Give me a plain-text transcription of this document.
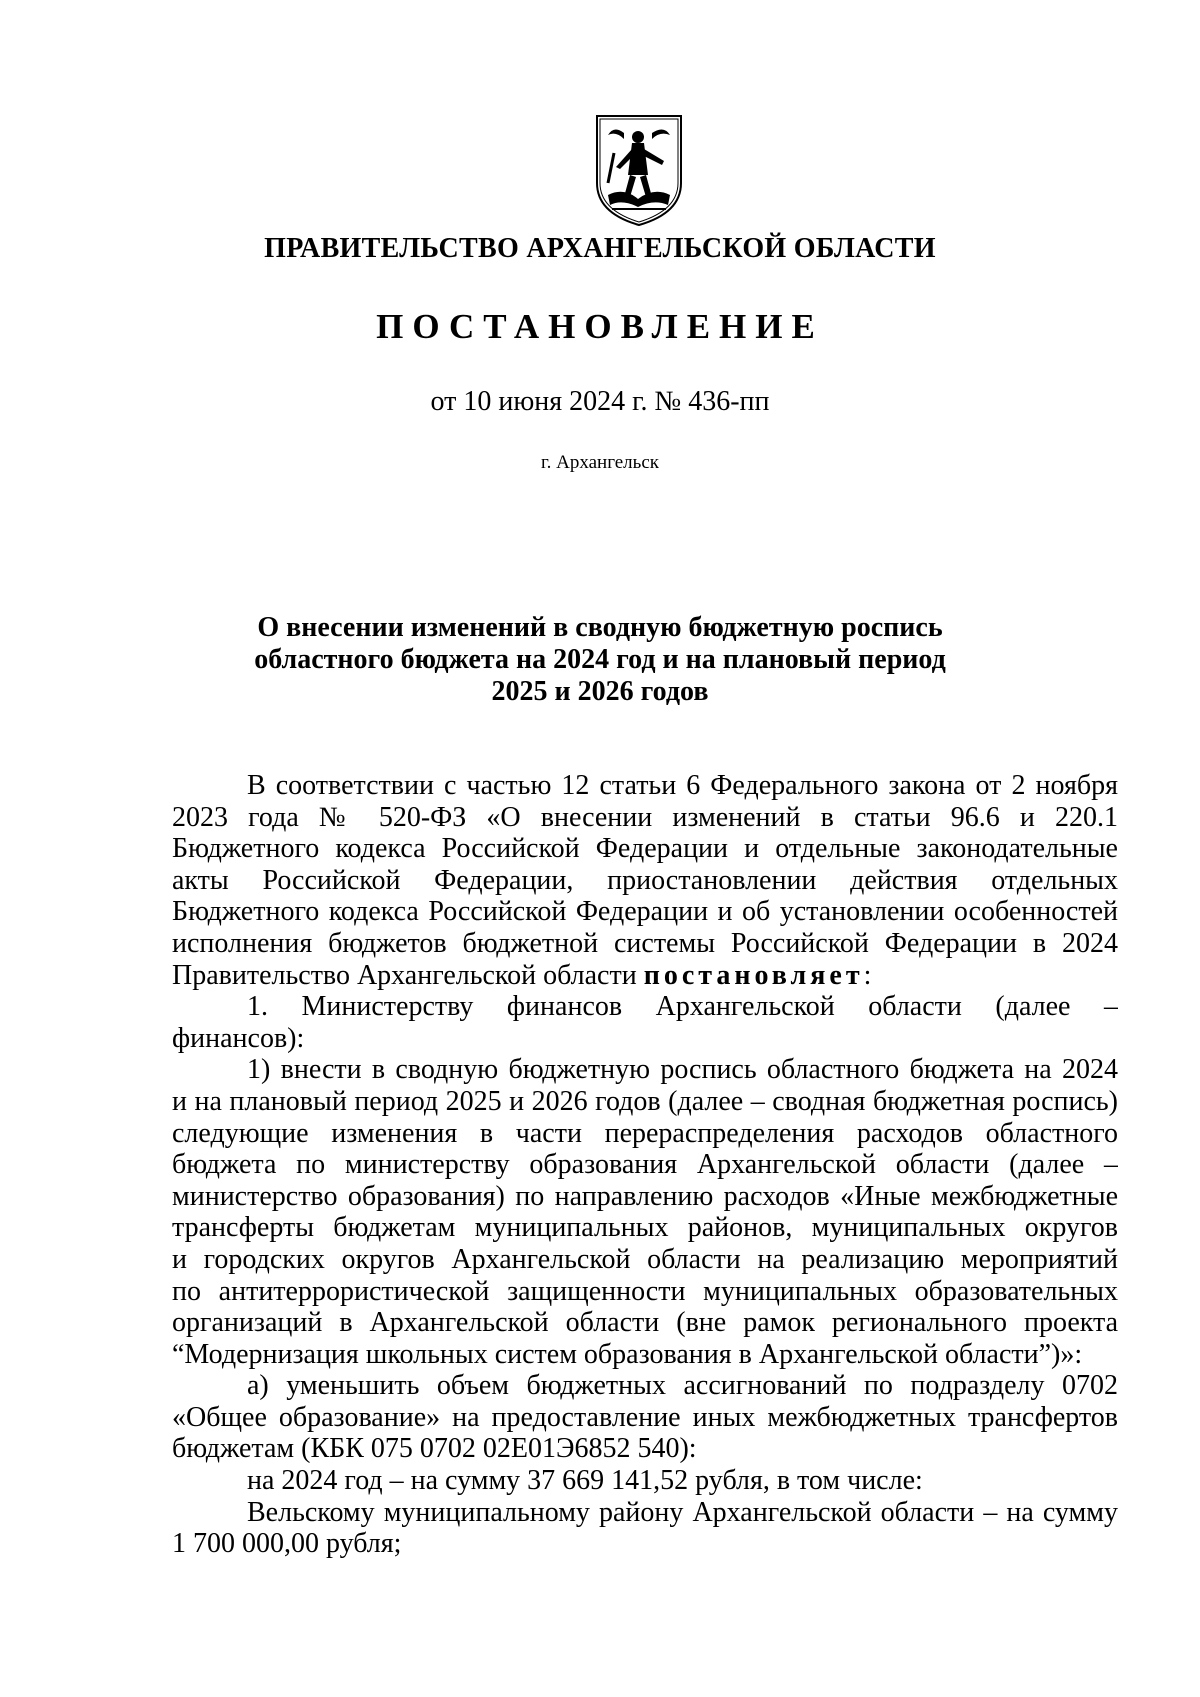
ПРАВИТЕЛЬСТВО АРХАНГЕЛЬСКОЙ ОБЛАСТИ
ПОСТАНОВЛЕНИЕ
от 10 июня 2024 г. № 436-пп
г. Архангельск
О внесении изменений в сводную бюджетную роспись
областного бюджета на 2024 год и на плановый период
2025 и 2026 годов
В соответствии с частью 12 статьи 6 Федерального закона от 2 ноября
2023 года № 520-ФЗ «О внесении изменений в статьи 96.6 и 220.1
Бюджетного кодекса Российской Федерации и отдельные законодательные
акты Российской Федерации, приостановлении действия отдельных
Бюджетного кодекса Российской Федерации и об установлении особенностей
исполнения бюджетов бюджетной системы Российской Федерации в 2024
Правительство Архангельской области постановляет:
1. Министерству финансов Архангельской области (далее –
финансов):
1) внести в сводную бюджетную роспись областного бюджета на 2024
и на плановый период 2025 и 2026 годов (далее – сводная бюджетная роспись)
следующие изменения в части перераспределения расходов областного
бюджета по министерству образования Архангельской области (далее –
министерство образования) по направлению расходов «Иные межбюджетные
трансферты бюджетам муниципальных районов, муниципальных округов
и городских округов Архангельской области на реализацию мероприятий
по антитеррористической защищенности муниципальных образовательных
организаций в Архангельской области (вне рамок регионального проекта
“Модернизация школьных систем образования в Архангельской области”)»:
а) уменьшить объем бюджетных ассигнований по подразделу 0702
«Общее образование» на предоставление иных межбюджетных трансфертов
бюджетам (КБК 075 0702 02Е01Э6852 540):
на 2024 год – на сумму 37 669 141,52 рубля, в том числе:
Вельскому муниципальному району Архангельской области – на сумму
1 700 000,00 рубля;
